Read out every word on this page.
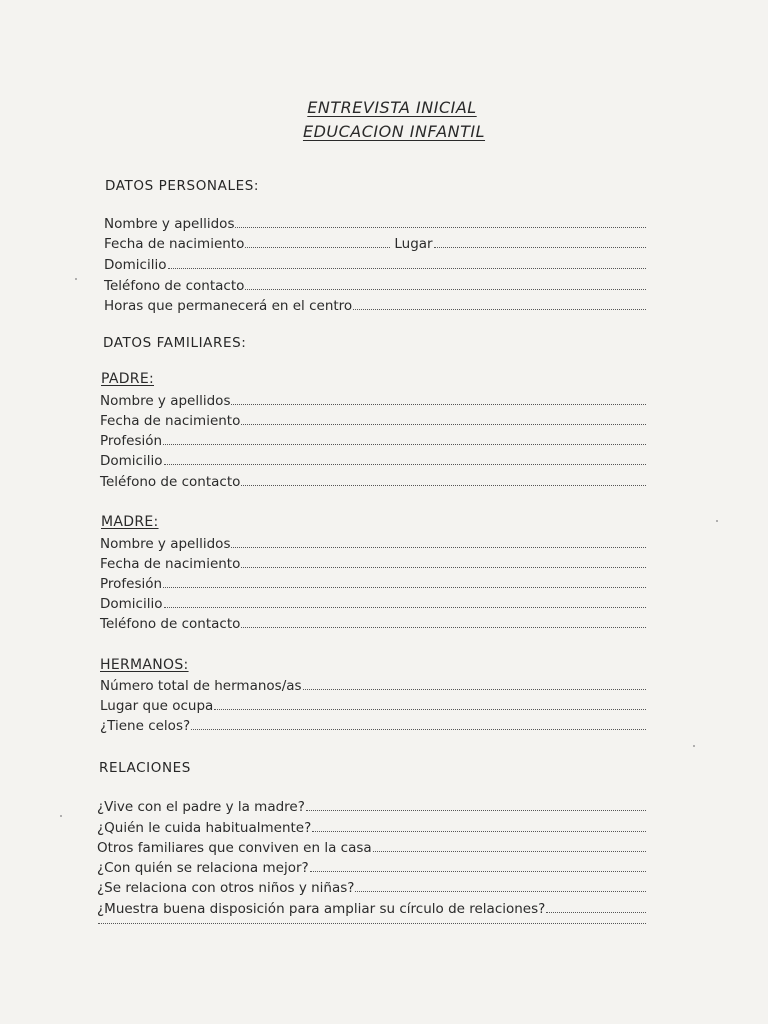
ENTREVISTA INICIAL
EDUCACION INFANTIL
DATOS PERSONALES:
Nombre y apellidos
Fecha de nacimiento	Lugar
Domicilio
Teléfono de contacto
Horas que permanecerá en el centro
DATOS FAMILIARES:
PADRE:
Nombre y apellidos
Fecha de nacimiento
Profesión
Domicilio
Teléfono de contacto
MADRE:
Nombre y apellidos
Fecha de nacimiento
Profesión
Domicilio
Teléfono de contacto
HERMANOS:
Número total de hermanos/as
Lugar que ocupa
¿Tiene celos?
RELACIONES
¿Vive con el padre y la madre?
¿Quién le cuida habitualmente?
Otros familiares que conviven en la casa
¿Con quién se relaciona mejor?
¿Se relaciona con otros niños y niñas?
¿Muestra buena disposición para ampliar su círculo de relaciones?
